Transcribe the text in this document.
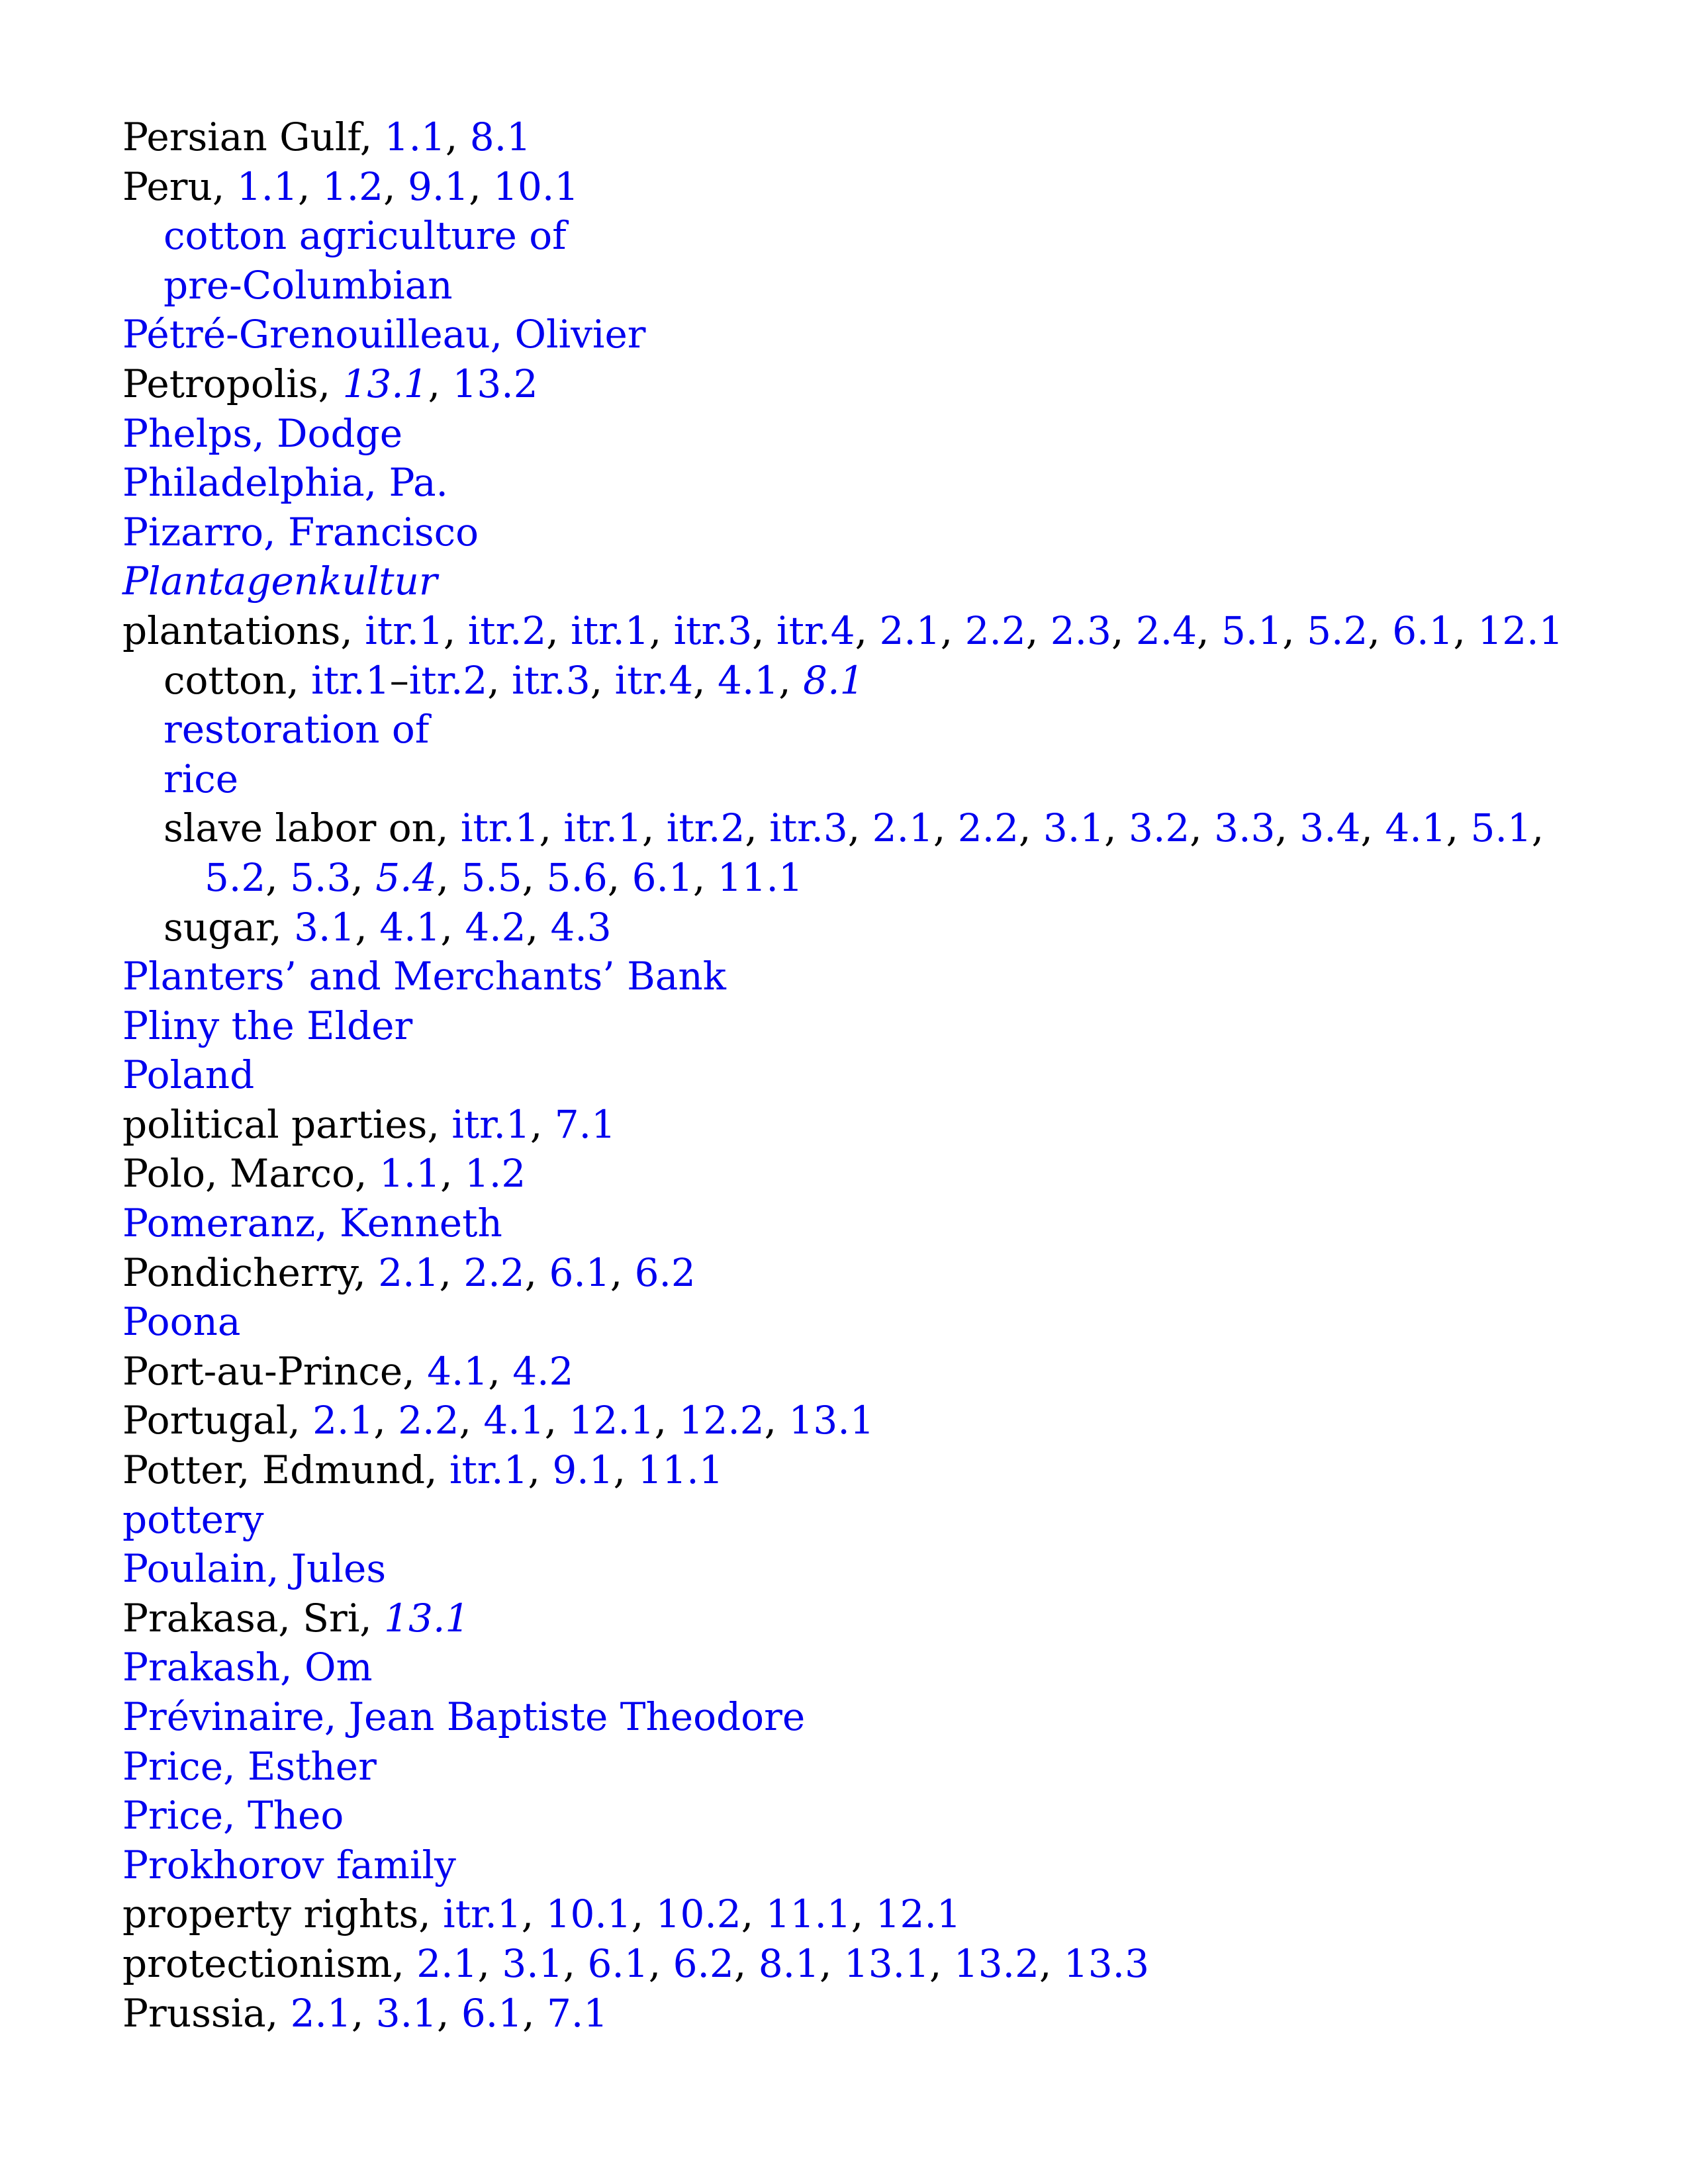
Persian Gulf, 1.1, 8.1
Peru, 1.1, 1.2, 9.1, 10.1
cotton agriculture of
pre-Columbian
Pétré-Grenouilleau, Olivier
Petropolis, 13.1, 13.2
Phelps, Dodge
Philadelphia, Pa.
Pizarro, Francisco
Plantagenkultur
plantations, itr.1, itr.2, itr.1, itr.3, itr.4, 2.1, 2.2, 2.3, 2.4, 5.1, 5.2, 6.1, 12.1
cotton, itr.1–itr.2, itr.3, itr.4, 4.1, 8.1
restoration of
rice
slave labor on, itr.1, itr.1, itr.2, itr.3, 2.1, 2.2, 3.1, 3.2, 3.3, 3.4, 4.1, 5.1,
5.2, 5.3, 5.4, 5.5, 5.6, 6.1, 11.1
sugar, 3.1, 4.1, 4.2, 4.3
Planters’ and Merchants’ Bank
Pliny the Elder
Poland
political parties, itr.1, 7.1
Polo, Marco, 1.1, 1.2
Pomeranz, Kenneth
Pondicherry, 2.1, 2.2, 6.1, 6.2
Poona
Port-au-Prince, 4.1, 4.2
Portugal, 2.1, 2.2, 4.1, 12.1, 12.2, 13.1
Potter, Edmund, itr.1, 9.1, 11.1
pottery
Poulain, Jules
Prakasa, Sri, 13.1
Prakash, Om
Prévinaire, Jean Baptiste Theodore
Price, Esther
Price, Theo
Prokhorov family
property rights, itr.1, 10.1, 10.2, 11.1, 12.1
protectionism, 2.1, 3.1, 6.1, 6.2, 8.1, 13.1, 13.2, 13.3
Prussia, 2.1, 3.1, 6.1, 7.1
